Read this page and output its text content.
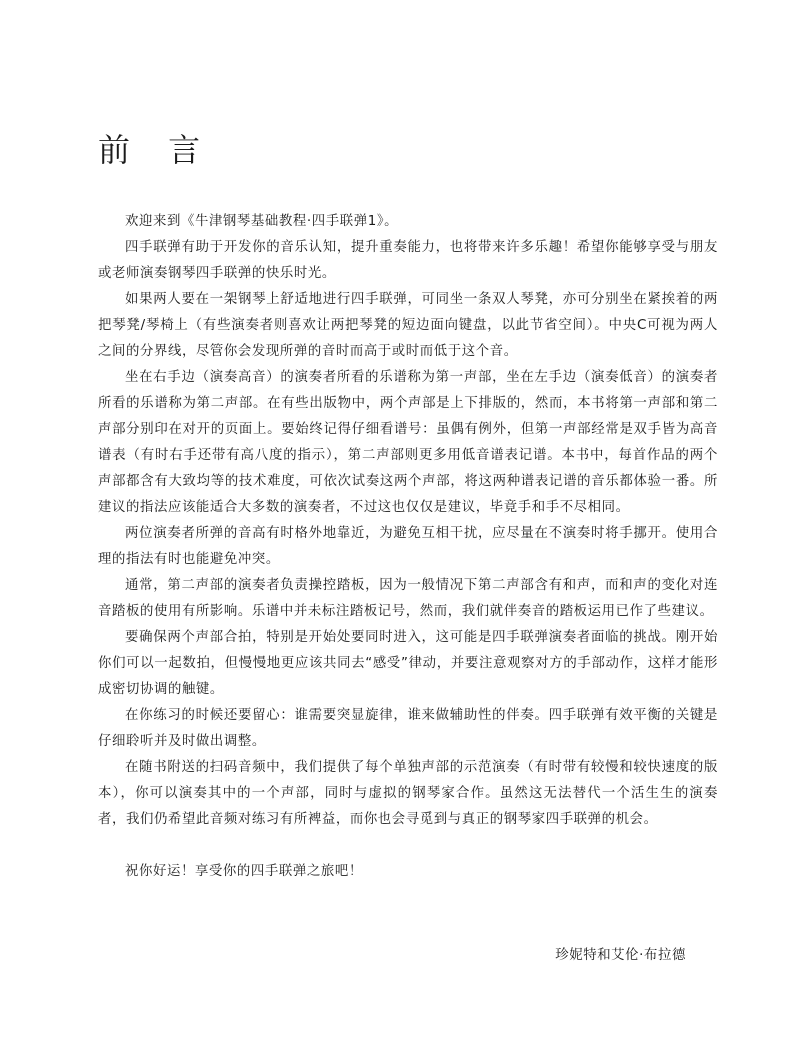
前 言

欢迎来到《牛津钢琴基础教程·四手联弹1》。

四手联弹有助于开发你的音乐认知，提升重奏能力，也将带来许多乐趣！希望你能够享受与朋友或老师演奏钢琴四手联弹的快乐时光。

如果两人要在一架钢琴上舒适地进行四手联弹，可同坐一条双人琴凳，亦可分别坐在紧挨着的两把琴凳/琴椅上（有些演奏者则喜欢让两把琴凳的短边面向键盘，以此节省空间）。中央C可视为两人之间的分界线，尽管你会发现所弹的音时而高于或时而低于这个音。

坐在右手边（演奏高音）的演奏者所看的乐谱称为第一声部，坐在左手边（演奏低音）的演奏者所看的乐谱称为第二声部。在有些出版物中，两个声部是上下排版的，然而，本书将第一声部和第二声部分别印在对开的页面上。要始终记得仔细看谱号：虽偶有例外，但第一声部经常是双手皆为高音谱表（有时右手还带有高八度的指示），第二声部则更多用低音谱表记谱。本书中，每首作品的两个声部都含有大致均等的技术难度，可依次试奏这两个声部，将这两种谱表记谱的音乐都体验一番。所建议的指法应该能适合大多数的演奏者，不过这也仅仅是建议，毕竟手和手不尽相同。

两位演奏者所弹的音高有时格外地靠近，为避免互相干扰，应尽量在不演奏时将手挪开。使用合理的指法有时也能避免冲突。

通常，第二声部的演奏者负责操控踏板，因为一般情况下第二声部含有和声，而和声的变化对连音踏板的使用有所影响。乐谱中并未标注踏板记号，然而，我们就伴奏音的踏板运用已作了些建议。

要确保两个声部合拍，特别是开始处要同时进入，这可能是四手联弹演奏者面临的挑战。刚开始你们可以一起数拍，但慢慢地更应该共同去“感受”律动，并要注意观察对方的手部动作，这样才能形成密切协调的触键。

在你练习的时候还要留心：谁需要突显旋律，谁来做辅助性的伴奏。四手联弹有效平衡的关键是仔细聆听并及时做出调整。

在随书附送的扫码音频中，我们提供了每个单独声部的示范演奏（有时带有较慢和较快速度的版本），你可以演奏其中的一个声部，同时与虚拟的钢琴家合作。虽然这无法替代一个活生生的演奏者，我们仍希望此音频对练习有所裨益，而你也会寻觅到与真正的钢琴家四手联弹的机会。

祝你好运！享受你的四手联弹之旅吧！

珍妮特和艾伦·布拉德
